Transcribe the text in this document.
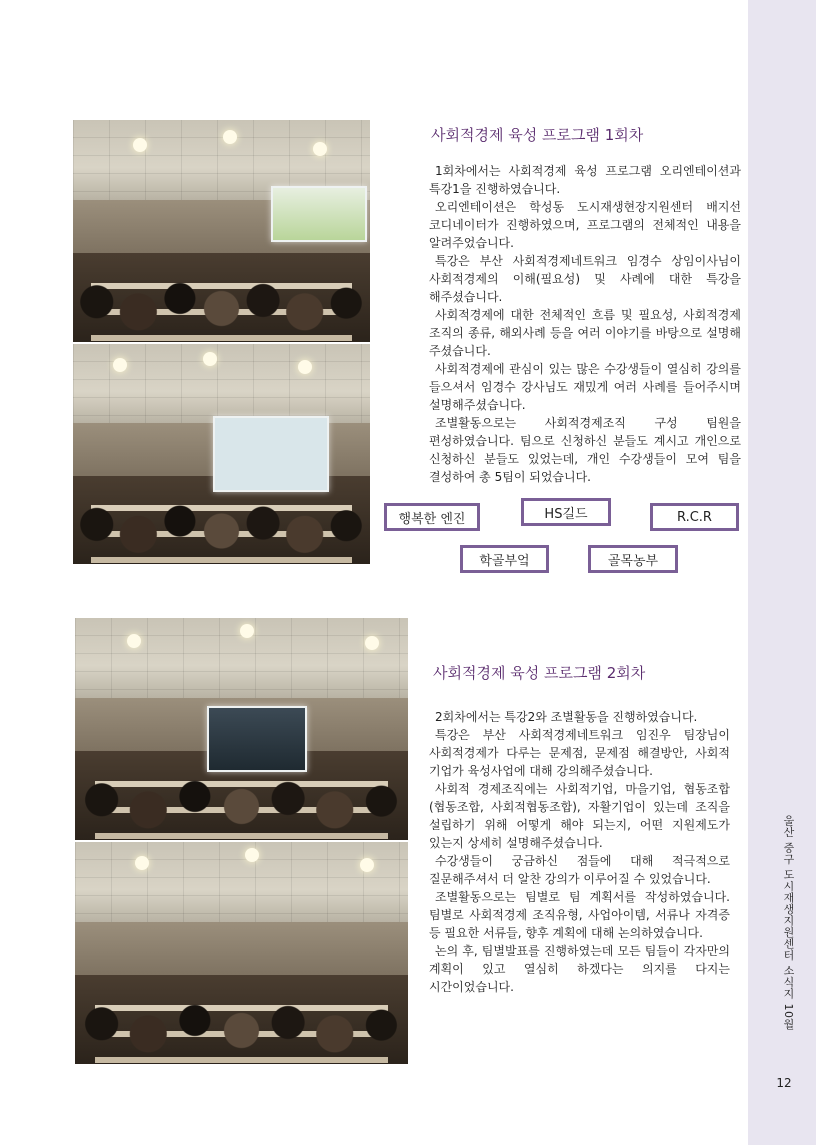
울산 중구 도시재생지원센터 소식지 10월
12
사회적경제 육성 프로그램 1회차

1회차에서는 사회적경제 육성 프로그램 오리엔테이션과 특강1을 진행하였습니다.

오리엔테이션은 학성동 도시재생현장지원센터 배지선 코디네이터가 진행하였으며, 프로그램의 전체적인 내용을 알려주었습니다.

특강은 부산 사회적경제네트워크 임경수 상임이사님이 사회적경제의 이해(필요성) 및 사례에 대한 특강을 해주셨습니다.

사회적경제에 대한 전체적인 흐름 및 필요성, 사회적경제 조직의 종류, 해외사례 등을 여러 이야기를 바탕으로 설명해 주셨습니다.

사회적경제에 관심이 있는 많은 수강생들이 열심히 강의를 들으셔서 임경수 강사님도 재밌게 여러 사례를 들어주시며 설명해주셨습니다.

조별활동으로는 사회적경제조직 구성 팀원을 편성하였습니다. 팀으로 신청하신 분들도 계시고 개인으로 신청하신 분들도 있었는데, 개인 수강생들이 모여 팀을 결성하여 총 5팀이 되었습니다.

행복한 엔진	HS길드	R.C.R
학골부엌	골목농부
사회적경제 육성 프로그램 2회차

2회차에서는 특강2와 조별활동을 진행하였습니다.

특강은 부산 사회적경제네트워크 임진우 팀장님이 사회적경제가 다루는 문제점, 문제점 해결방안, 사회적 기업가 육성사업에 대해 강의해주셨습니다.

사회적 경제조직에는 사회적기업, 마을기업, 협동조합(협동조합, 사회적협동조합), 자활기업이 있는데 조직을 설립하기 위해 어떻게 해야 되는지, 어떤 지원제도가 있는지 상세히 설명해주셨습니다.

수강생들이 궁금하신 점들에 대해 적극적으로 질문해주셔서 더 알찬 강의가 이루어질 수 있었습니다.

조별활동으로는 팀별로 팀 계획서를 작성하였습니다. 팀별로 사회적경제 조직유형, 사업아이템, 서류나 자격증 등 필요한 서류들, 향후 계획에 대해 논의하였습니다.

논의 후, 팀별발표를 진행하였는데 모든 팀들이 각자만의 계획이 있고 열심히 하겠다는 의지를 다지는 시간이었습니다.
